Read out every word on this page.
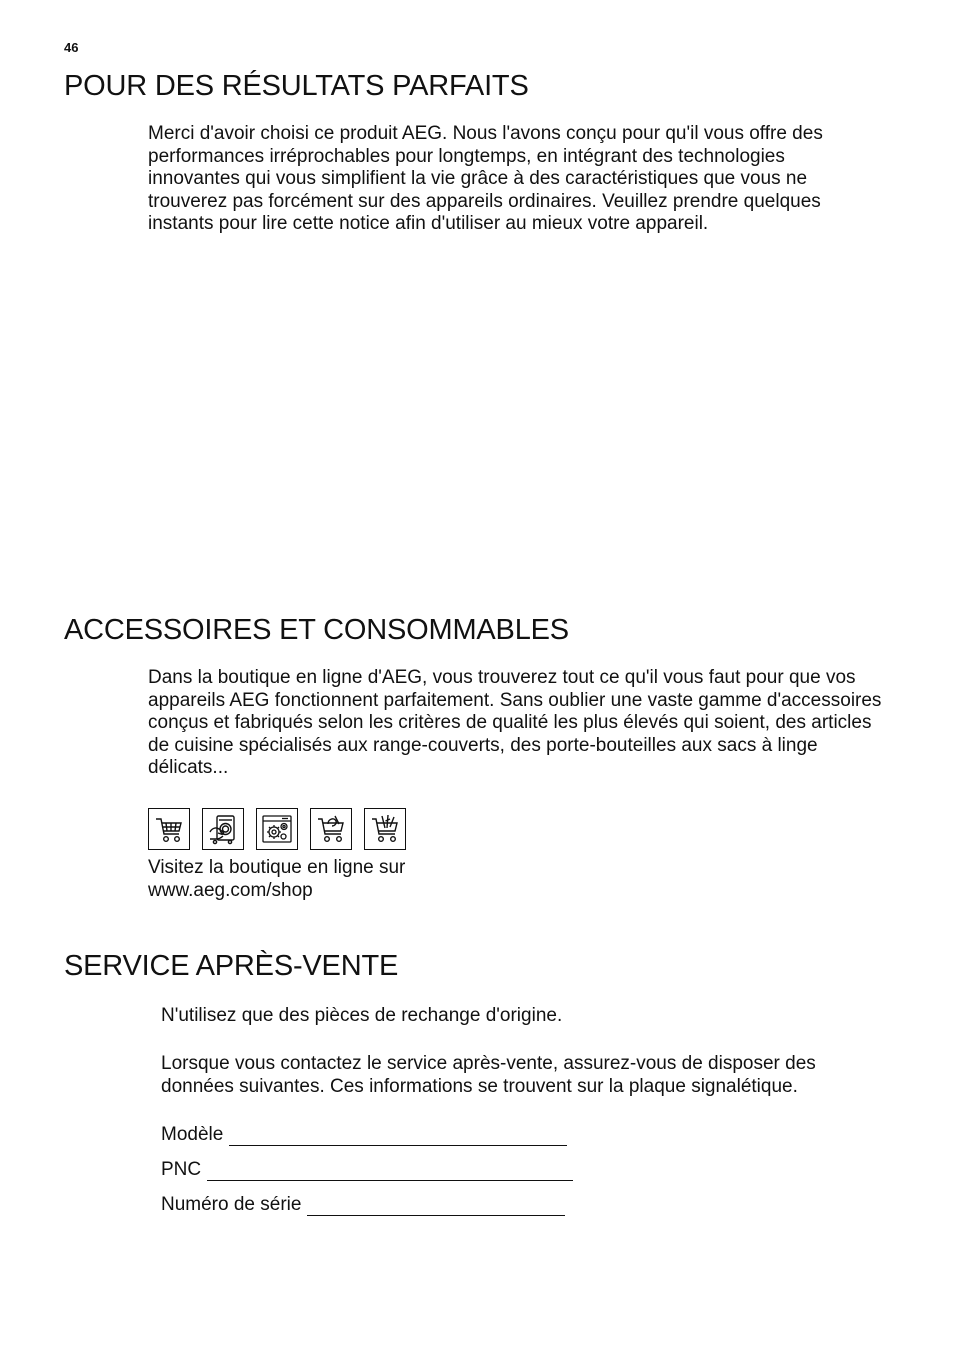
46
POUR DES RÉSULTATS PARFAITS

Merci d'avoir choisi ce produit AEG. Nous l'avons conçu pour qu'il vous offre des performances irréprochables pour longtemps, en intégrant des technologies innovantes qui vous simplifient la vie grâce à des caractéristiques que vous ne trouverez pas forcément sur des appareils ordinaires. Veuillez prendre quelques instants pour lire cette notice afin d'utiliser au mieux votre appareil.

ACCESSOIRES ET CONSOMMABLES

Dans la boutique en ligne d'AEG, vous trouverez tout ce qu'il vous faut pour que vos appareils AEG fonctionnent parfaitement. Sans oublier une vaste gamme d'accessoires conçus et fabriqués selon les critères de qualité les plus élevés qui soient, des articles de cuisine spécialisés aux range-couverts, des porte-bouteilles aux sacs à linge délicats...

Visitez la boutique en ligne sur
www.aeg.com/shop
SERVICE APRÈS-VENTE

N'utilisez que des pièces de rechange d'origine.

Lorsque vous contactez le service après-vente, assurez-vous de disposer des données suivantes. Ces informations se trouvent sur la plaque signalétique.

Modèle
PNC
Numéro de série
